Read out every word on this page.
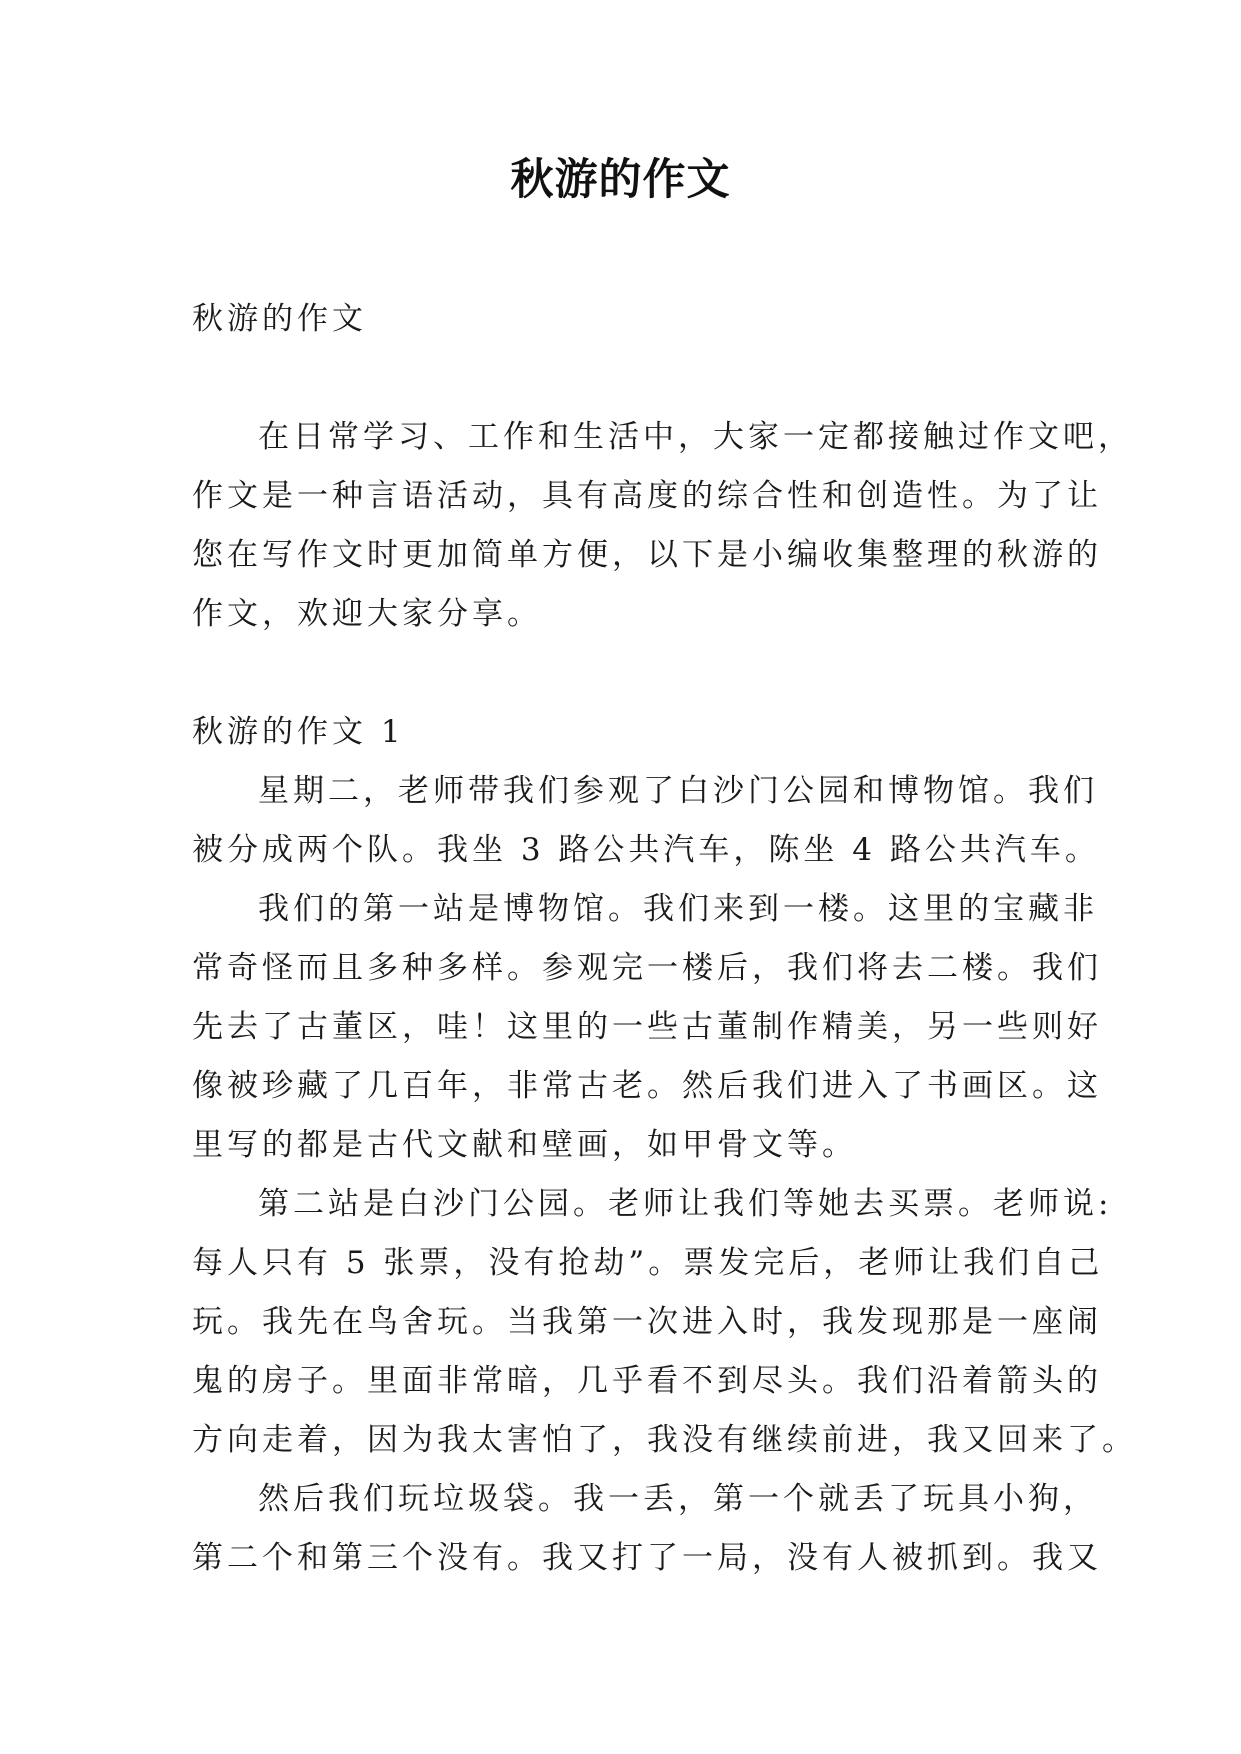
秋游的作文
秋游的作文
在日常学习、工作和生活中，大家一定都接触过作文吧，
作文是一种言语活动，具有高度的综合性和创造性。为了让
您在写作文时更加简单方便，以下是小编收集整理的秋游的
作文，欢迎大家分享。
秋游的作文 1
星期二，老师带我们参观了白沙门公园和博物馆。我们
被分成两个队。我坐 3 路公共汽车，陈坐 4 路公共汽车。
我们的第一站是博物馆。我们来到一楼。这里的宝藏非
常奇怪而且多种多样。参观完一楼后，我们将去二楼。我们
先去了古董区，哇！这里的一些古董制作精美，另一些则好
像被珍藏了几百年，非常古老。然后我们进入了书画区。这
里写的都是古代文献和壁画，如甲骨文等。
第二站是白沙门公园。老师让我们等她去买票。老师说:
每人只有 5 张票，没有抢劫”。票发完后，老师让我们自己
玩。我先在鸟舍玩。当我第一次进入时，我发现那是一座闹
鬼的房子。里面非常暗，几乎看不到尽头。我们沿着箭头的
方向走着，因为我太害怕了，我没有继续前进，我又回来了。
然后我们玩垃圾袋。我一丢，第一个就丢了玩具小狗，
第二个和第三个没有。我又打了一局，没有人被抓到。我又
